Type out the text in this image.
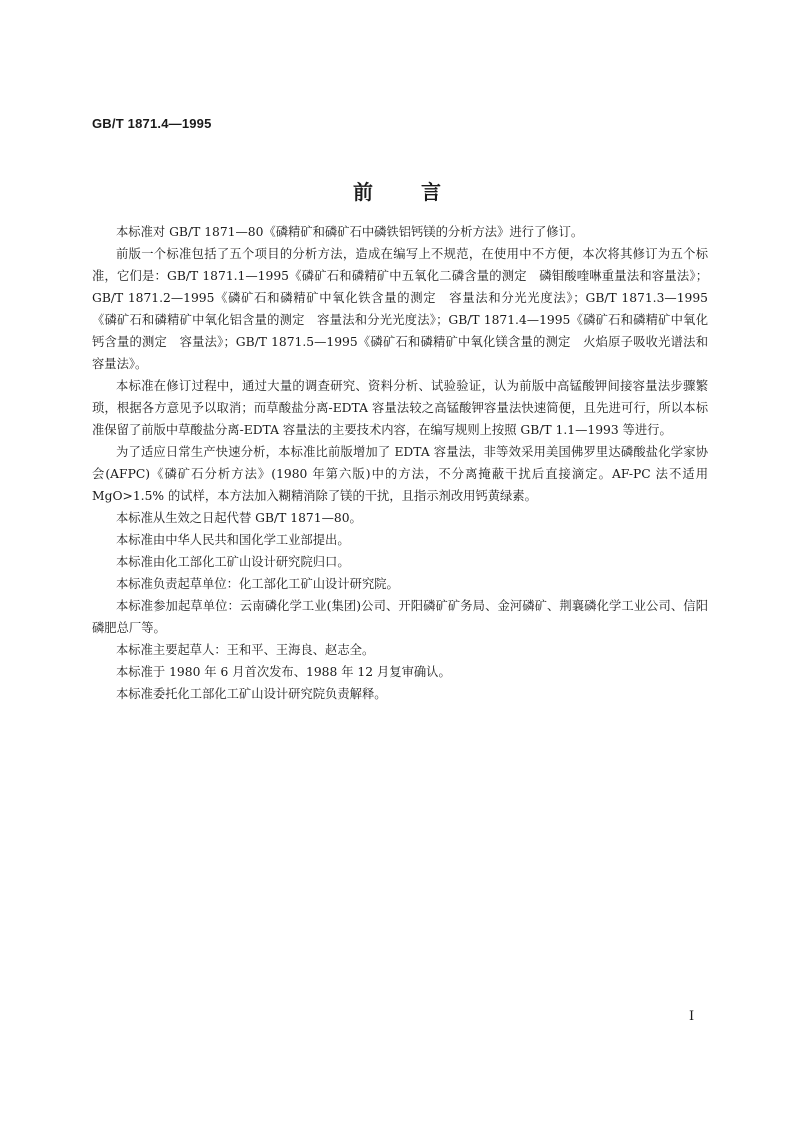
GB/T 1871.4—1995
前 言

本标准对 GB/T 1871—80《磷精矿和磷矿石中磷铁铝钙镁的分析方法》进行了修订。

前版一个标准包括了五个项目的分析方法，造成在编写上不规范，在使用中不方便，本次将其修订为五个标准，它们是：GB/T 1871.1—1995《磷矿石和磷精矿中五氧化二磷含量的测定　磷钼酸喹啉重量法和容量法》；GB/T 1871.2—1995《磷矿石和磷精矿中氧化铁含量的测定　容量法和分光光度法》；GB/T 1871.3—1995《磷矿石和磷精矿中氧化铝含量的测定　容量法和分光光度法》；GB/T 1871.4—1995《磷矿石和磷精矿中氧化钙含量的测定　容量法》；GB/T 1871.5—1995《磷矿石和磷精矿中氧化镁含量的测定　火焰原子吸收光谱法和容量法》。

本标准在修订过程中，通过大量的调查研究、资料分析、试验验证，认为前版中高锰酸钾间接容量法步骤繁琐，根据各方意见予以取消；而草酸盐分离-EDTA 容量法较之高锰酸钾容量法快速简便，且先进可行，所以本标准保留了前版中草酸盐分离-EDTA 容量法的主要技术内容，在编写规则上按照 GB/T 1.1—1993 等进行。

为了适应日常生产快速分析，本标准比前版增加了 EDTA 容量法，非等效采用美国佛罗里达磷酸盐化学家协会(AFPC)《磷矿石分析方法》(1980 年第六版)中的方法，不分离掩蔽干扰后直接滴定。AF-PC 法不适用 MgO>1.5% 的试样，本方法加入糊精消除了镁的干扰，且指示剂改用钙黄绿素。

本标准从生效之日起代替 GB/T 1871—80。

本标准由中华人民共和国化学工业部提出。

本标准由化工部化工矿山设计研究院归口。

本标准负责起草单位：化工部化工矿山设计研究院。

本标准参加起草单位：云南磷化学工业(集团)公司、开阳磷矿矿务局、金河磷矿、荆襄磷化学工业公司、信阳磷肥总厂等。

本标准主要起草人：王和平、王海良、赵志全。

本标准于 1980 年 6 月首次发布、1988 年 12 月复审确认。

本标准委托化工部化工矿山设计研究院负责解释。

I
